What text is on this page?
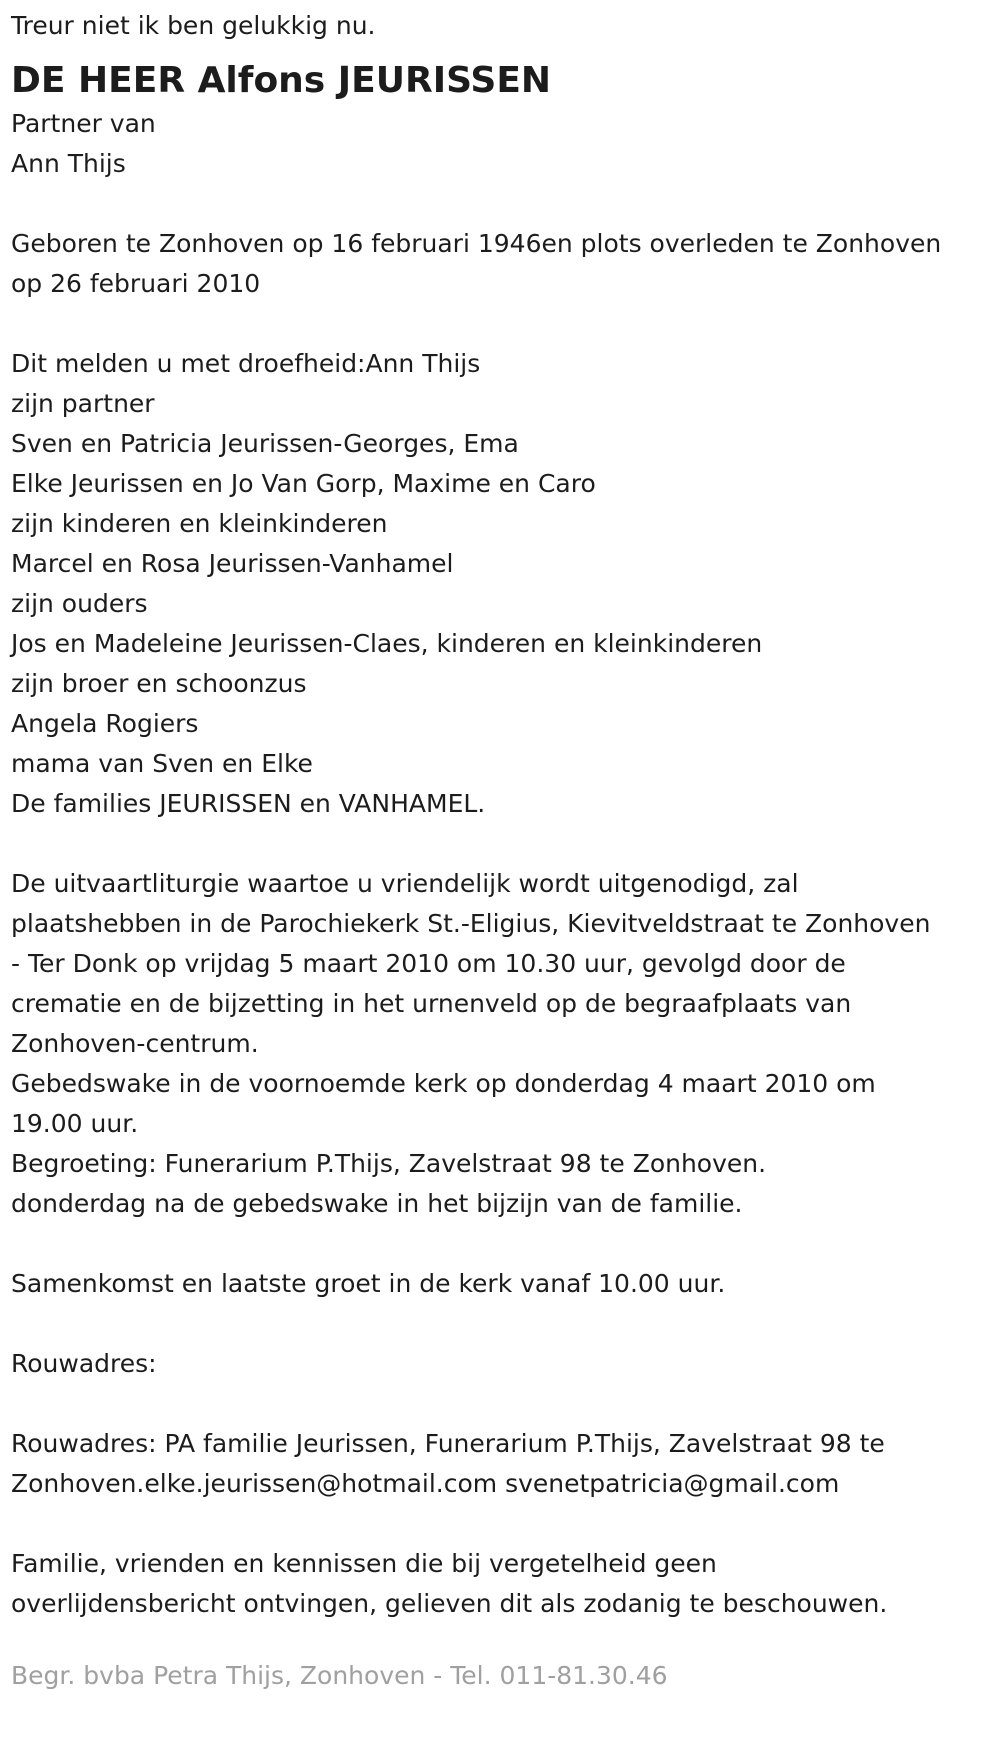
Treur niet ik ben gelukkig nu.
DE HEER Alfons JEURISSEN
Partner van
Ann Thijs
Geboren te Zonhoven op 16 februari 1946en plots overleden te Zonhoven
op 26 februari 2010
Dit melden u met droefheid:Ann Thijs
zijn partner
Sven en Patricia Jeurissen-Georges, Ema
Elke Jeurissen en Jo Van Gorp, Maxime en Caro
zijn kinderen en kleinkinderen
Marcel en Rosa Jeurissen-Vanhamel
zijn ouders
Jos en Madeleine Jeurissen-Claes, kinderen en kleinkinderen
zijn broer en schoonzus
Angela Rogiers
mama van Sven en Elke
De families JEURISSEN en VANHAMEL.
De uitvaartliturgie waartoe u vriendelijk wordt uitgenodigd, zal
plaatshebben in de Parochiekerk St.-Eligius, Kievitveldstraat te Zonhoven
- Ter Donk op vrijdag 5 maart 2010 om 10.30 uur, gevolgd door de
crematie en de bijzetting in het urnenveld op de begraafplaats van
Zonhoven-centrum.
Gebedswake in de voornoemde kerk op donderdag 4 maart 2010 om
19.00 uur.
Begroeting: Funerarium P.Thijs, Zavelstraat 98 te Zonhoven.
donderdag na de gebedswake in het bijzijn van de familie.
Samenkomst en laatste groet in de kerk vanaf 10.00 uur.
Rouwadres:
Rouwadres: PA familie Jeurissen, Funerarium P.Thijs, Zavelstraat 98 te
Zonhoven.elke.jeurissen@hotmail.com svenetpatricia@gmail.com
Familie, vrienden en kennissen die bij vergetelheid geen
overlijdensbericht ontvingen, gelieven dit als zodanig te beschouwen.
Begr. bvba Petra Thijs, Zonhoven - Tel. 011-81.30.46
